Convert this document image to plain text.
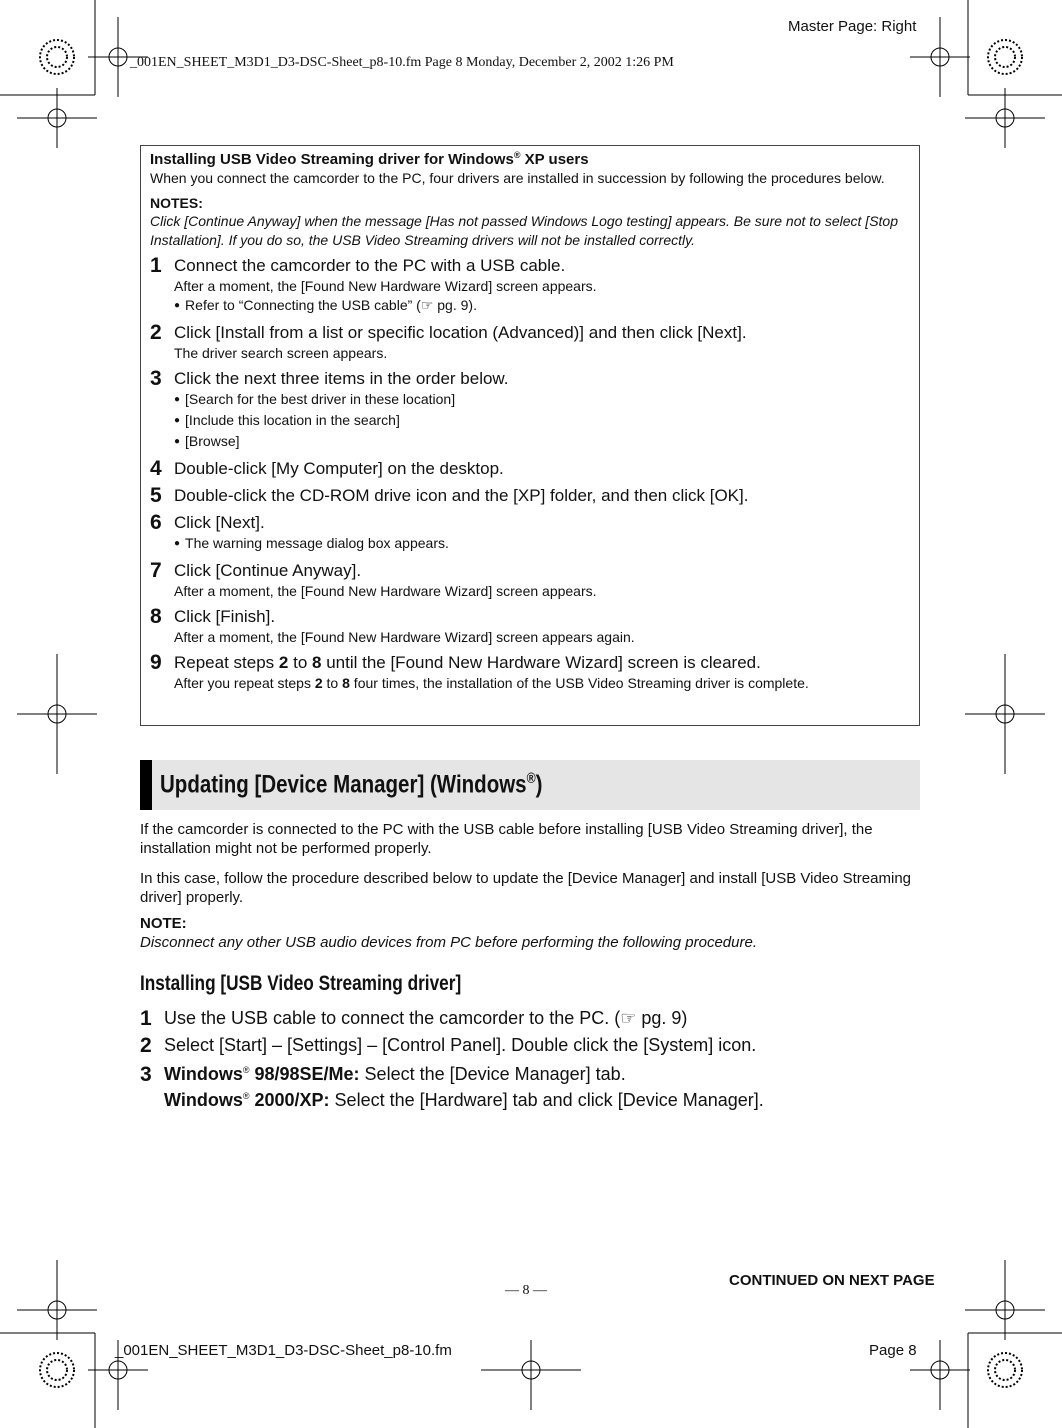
Master Page: Right
_001EN_SHEET_M3D1_D3-DSC-Sheet_p8-10.fm Page 8 Monday, December 2, 2002 1:26 PM
Installing USB Video Streaming driver for Windows® XP users
When you connect the camcorder to the PC, four drivers are installed in succession by following the procedures below.
NOTES:
Click [Continue Anyway] when the message [Has not passed Windows Logo testing] appears. Be sure not to select [Stop Installation]. If you do so, the USB Video Streaming drivers will not be installed correctly.
1 Connect the camcorder to the PC with a USB cable.
After a moment, the [Found New Hardware Wizard] screen appears.
● Refer to “Connecting the USB cable” (☞ pg. 9).
2 Click [Install from a list or specific location (Advanced)] and then click [Next].
The driver search screen appears.
3 Click the next three items in the order below.
● [Search for the best driver in these location]
● [Include this location in the search]
● [Browse]
4 Double-click [My Computer] on the desktop.
5 Double-click the CD-ROM drive icon and the [XP] folder, and then click [OK].
6 Click [Next].
● The warning message dialog box appears.
7 Click [Continue Anyway].
After a moment, the [Found New Hardware Wizard] screen appears.
8 Click [Finish].
After a moment, the [Found New Hardware Wizard] screen appears again.
9 Repeat steps 2 to 8 until the [Found New Hardware Wizard] screen is cleared.
After you repeat steps 2 to 8 four times, the installation of the USB Video Streaming driver is complete.
Updating [Device Manager] (Windows®)
If the camcorder is connected to the PC with the USB cable before installing [USB Video Streaming driver], the installation might not be performed properly.
In this case, follow the procedure described below to update the [Device Manager] and install [USB Video Streaming driver] properly.
NOTE:
Disconnect any other USB audio devices from PC before performing the following procedure.
Installing [USB Video Streaming driver]
1 Use the USB cable to connect the camcorder to the PC. (☞ pg. 9)
2 Select [Start] – [Settings] – [Control Panel]. Double click the [System] icon.
3 Windows® 98/98SE/Me: Select the [Device Manager] tab.
Windows® 2000/XP: Select the [Hardware] tab and click [Device Manager].
CONTINUED ON NEXT PAGE
— 8 —
_001EN_SHEET_M3D1_D3-DSC-Sheet_p8-10.fm	Page 8
